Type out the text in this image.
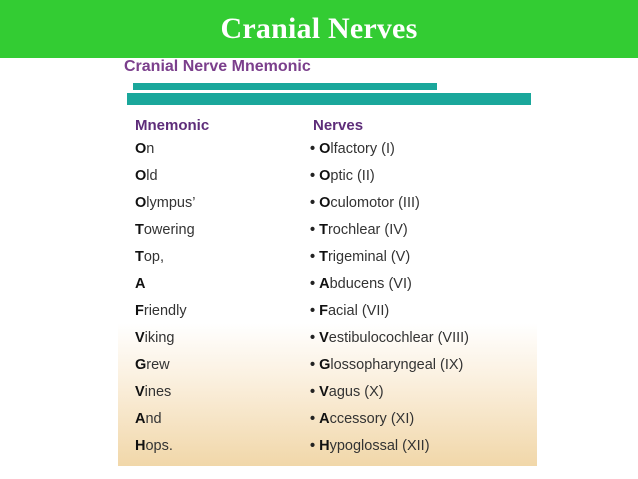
Cranial Nerves
Cranial Nerve Mnemonic
Mnemonic	Nerves
On	• Olfactory (I)
Old	• Optic (II)
Olympus’	• Oculomotor (III)
Towering	• Trochlear (IV)
Top,	• Trigeminal (V)
A	• Abducens (VI)
Friendly	• Facial (VII)
Viking	• Vestibulocochlear (VIII)
Grew	• Glossopharyngeal (IX)
Vines	• Vagus (X)
And	• Accessory (XI)
Hops.	• Hypoglossal (XII)
